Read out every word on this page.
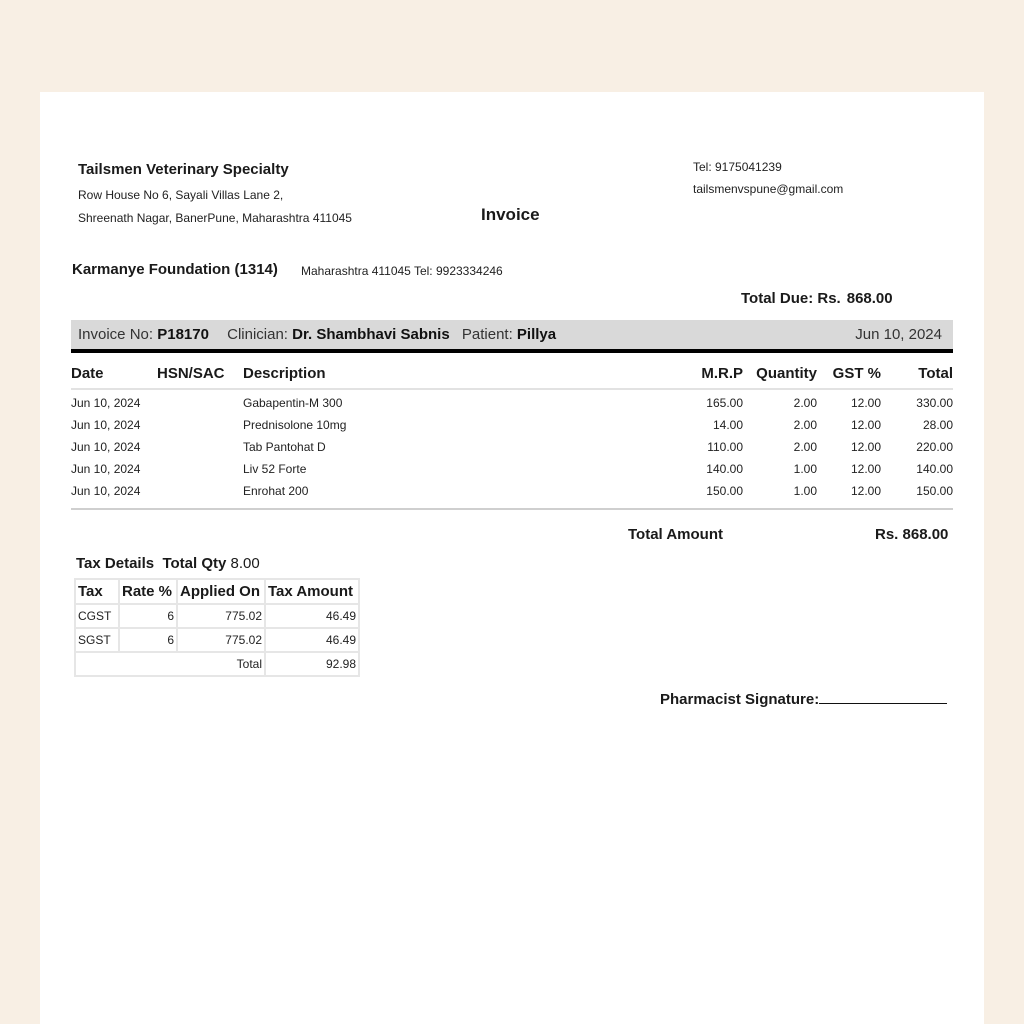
Tailsmen Veterinary Specialty
Row House No 6, Sayali Villas Lane 2,
Shreenath Nagar, BanerPune, Maharashtra 411045	Invoice
Tel: 9175041239
tailsmenvspune@gmail.com
Karmanye Foundation (1314) Maharashtra 411045 Tel: 9923334246
Total Due: Rs. 868.00
Invoice No: P18170 Clinician: Dr. Shambhavi Sabnis Patient: Pillya	Jun 10, 2024
Date	HSN/SAC	Description	M.R.P	Quantity	GST %	Total
Jun 10, 2024		Gabapentin-M 300	165.00	2.00	12.00	330.00
Jun 10, 2024		Prednisolone 10mg	14.00	2.00	12.00	28.00
Jun 10, 2024		Tab Pantohat D	110.00	2.00	12.00	220.00
Jun 10, 2024		Liv 52 Forte	140.00	1.00	12.00	140.00
Jun 10, 2024		Enrohat 200	150.00	1.00	12.00	150.00
Total Amount	Rs. 868.00
Tax Details Total Qty 8.00
Tax	Rate %	Applied On	Tax Amount
CGST	6	775.02	46.49
SGST	6	775.02	46.49
Total			92.98
Pharmacist Signature:
